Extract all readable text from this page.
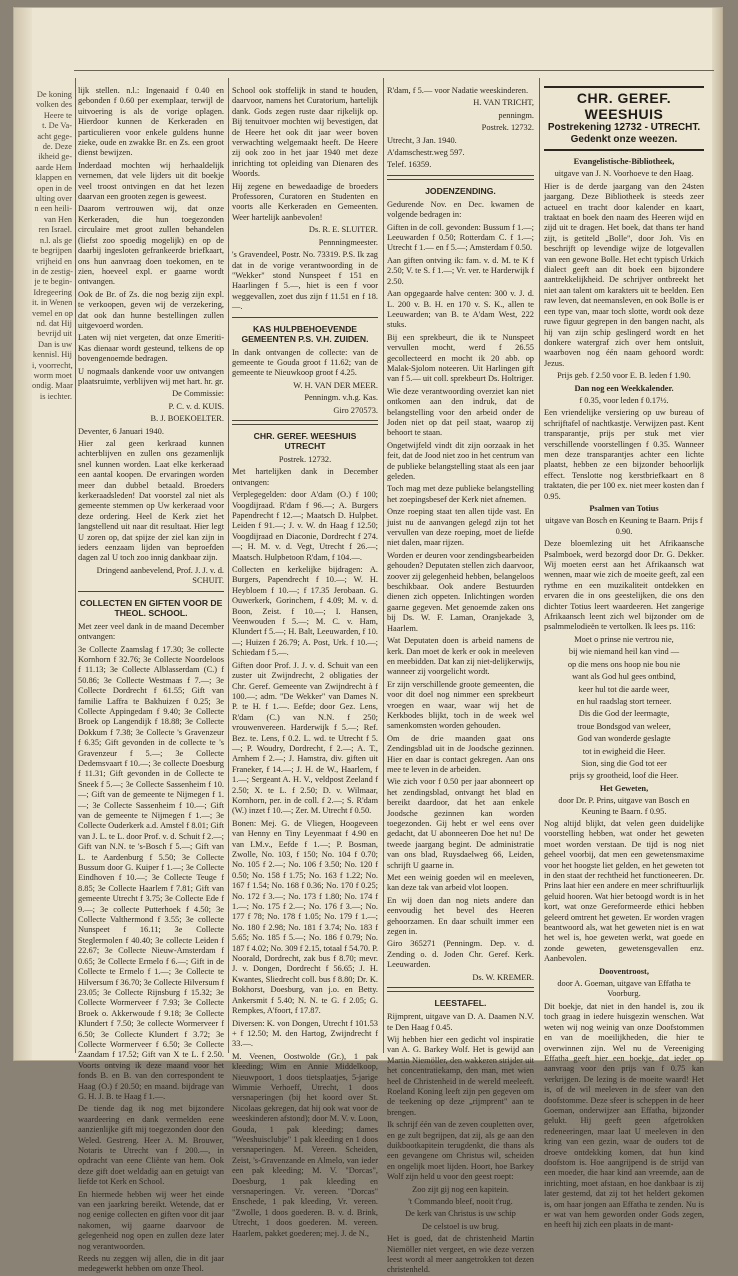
De koning
volken des
Heere te
t. De Va-
acht gege-
de. Deze
ikheid ge-
aarde Hem
klappen en
open in de
ulting over
n een heili-
van Hen
ren Israel.
n.l. als ge
te begrijpen
vrijheid en
in de zestig-
je te begin-
Idregeering
it. in Wenen
vemel en op
nd. dat Hij
bevrijd uit
Dan is uw
kennisl. Hij
i, voorrecht,
worm moet
ondig. Maar
is iechter.

lijk stellen. n.l.: Ingenaaid f 0.40 en gebonden f 0.60 per exemplaar, terwijl de uitvoering is als de vorige oplagen. Hierdoor kunnen de Kerkeraden en particulieren voor enkele guldens hunne zieke, oude en zwakke Br. en Zs. een groot dienst bewijzen.

Inderdaad mochten wij herhaaldelijk vernemen, dat vele lijders uit dit boekje veel troost ontvingen en dat het lezen daarvan een grooten zegen is geweest.

Daarom vertrouwen wij, dat onze Kerkeraden, die hun toegezonden circulaire met groot zullen behandelen (liefst zoo spoedig mogelijk) en op de daarbij ingesloten gefrankeerde briefkaart, ons hun aanvraag doen toekomen, en te zien, hoeveel expl. er gaarne wordt ontvangen.

Ook de Br. of Zs. die nog bezig zijn expl. te verkoopen, geven wij de verzekering, dat ook dan hunne bestellingen zullen uitgevoerd worden.

Laten wij niet vergeten, dat onze Emeriti-Kas dienaar wordt gesteund, telkens de op bovengenoemde bedragen.

U nogmaals dankende voor uw ontvangen plaatsruimte, verblijven wij met hart. hr. gr.

De Commissie:

P. C. v. d. KUIS.

B. J. BOEKOELTER.

Deventer, 6 Januari 1940.

Hier zal geen kerkraad kunnen achterblijven en zullen ons gezamenlijk snel kunnen worden. Laat elke kerkeraad een aantal koopen. De ervaringen worden meer dan dubbel betaald. Broeders kerkeraadsleden! Dat voorstel zal niet als gemeente stemmen op Uw kerkeraad voor deze ordering. Heel de Kerk ziet het langstellend uit naar dit resultaat. Hier legt U zoren op, dat spijze der ziel kan zijn in ieders eenzaam lijden van beproefden dagen zal U toch zoo innig dankbaar zijn.

Dringend aanbevelend, Prof. J. J. v. d. SCHUIT.

COLLECTEN EN GIFTEN VOOR DE THEOL. SCHOOL.

Met zeer veel dank in de maand December ontvangen:

3e Collecte Zaamslag f 17.30; 3e collecte Kornhorn f 32.76; 3e Collecte Noordeloos f 11.13; 3e Collecte Alblasserdam (C.) f 50.86; 3e Collecte Westmaas f 7.—; 3e Collecte Dordrecht f 61.55; Gift van familie Laffra te Bakhuizen f 0.25; 3e Collecte Appingedam f 9.40; 3e Collecte Broek op Langendijk f 18.88; 3e Collecte Dokkum f 7.38; 3e Collecte 's Gravenzeur f 6.35; Gift gevonden in de collecte te 's Gravenzeur f 5.—; 3e Collecte Dedemsvaart f 10.—; 3e collecte Doesburg f 11.31; Gift gevonden in de Collecte te Sneek f 5.—; 3e Collecte Sassenheim f 10.—; Gift van de gemeente te Nijmegen f 1.—; 3e Collecte Sassenheim f 10.—; Gift van de gemeente te Nijmegen f 1.—; 3e Collecte Ouderkerk a.d. Amstel f 8.01; Gift van J. L. te L. door Prof. v. d. Schuit f 2.—; Gift van N.N. te 's-Bosch f 5.—; Gift van L. te Aardenburg f 5.50; 3e Collecte Bussum door G. Kuiper f 1.—; 3e Collecte Eindhoven f 10.—; 3e Collecte Teuge f 8.85; 3e Collecte Haarlem f 7.81; Gift van gemeente Utrecht f 3.75; 3e Collecte Ede f 9.—; 3e collecte Putterhoek f 4.50; 3e Collecte Valthermond f 3.55; 3e collecte Nunspeet f 16.11; 3e Collecte Steglermolen f 40.40; 3e collecte Leiden f 22.67; 3e Collecte Nieuw-Amsterdam f 0.65; 3e Collecte Ermelo f 6.—; Gift in de Collecte te Ermelo f 1.—; 3e Collecte te Hilversum f 36.70; 3e Collecte Hilversum f 23.05; 3e Collecte Rijnsburg f 15.32; 3e Collecte Wormerveer f 7.93; 3e Collecte Broek o. Akkerwoude f 9.18; 3e Collecte Klundert f 7.50; 3e collecte Wormerveer f 6.50; 3e Collecte Klundert f 3.72; 3e Collecte Wormerveer f 6.50; 3e Collecte Zaandam f 17.52; Gift van X te L. f 2.50. Voorts ontving ik deze maand voor het fonds B. en B. van den correspondent te Haag (O.) f 20.50; en maand. bijdrage van G. H. J. B. te Haag f 1.—.

De tiende dag ik nog met bijzondere waardeering en dank vermelden eene aanzienlijke gift mij toegezonden door den Weled. Gestreng. Heer A. M. Brouwer, Notaris te Utrecht van f 200.—, in opdracht van eene Cliënte van hem. Ook deze gift doet weldadig aan en getuigt van liefde tot Kerk en School.

En hiermede hebben wij weer het einde van een jaarkring bereikt. Wetende, dat er nog eenige collecten en giften voor dit jaar nakomen, wij gaarne daarvoor de gelegenheid nog open en zullen deze later nog verantwoorden.

Reeds nu zeggen wij allen, die in dit jaar medegewerkt hebben om onze Theol.

School ook stoffelijk in stand te houden, daarvoor, namens het Curatorium, hartelijk dank. Gods zegen ruste daar rijkelijk op. Bij tenuitvoer mochten wij bevestigen, dat de Heere het ook dit jaar weer boven verwachting welgemaakt heeft. De Heere zij ook zoo in het jaar 1940 met deze inrichting tot opleiding van Dienaren des Woords.

Hij zegene en bewedaadige de broeders Professoren, Curatoren en Studenten en voorts alle Kerkeraden en Gemeenten. Weer hartelijk aanbevolen!

Ds. R. E. SLUITER.

Pennningmeester.

's Gravendeel, Postr. No. 73319. P.S. Ik zag dat in de vorige verantwoording in de "Wekker" stond Nunspeet f 151 en Haarlingen f 5.—, hiet is een f voor weggevallen, zoet dus zijn f 11.51 en f 18.—.

KAS HULPBEHOEVENDE GEMEENTEN P.S. V.H. ZUIDEN.

In dank ontvangen de collecte: van de gemeente te Gouda groot f 11.62; van de gemeente te Nieuwkoop groot f 4.25.

W. H. VAN DER MEER.

Penningm. v.h.g. Kas.

Giro 270573.

CHR. GEREF. WEESHUIS UTRECHT

Postrek. 12732.

Met hartelijken dank in December ontvangen:

Verplegegelden: door A'dam (O.) f 100; Voogdijraad. R'dam f 96.—; A. Burgers Papendrecht f 12.—; Maatsch D. Hulpbet. Leiden f 91.—; J. v. W. dn Haag f 12.50; Voogdijraad en Diaconie, Dordrecht f 274.—; H. M. v. d. Vegt, Utrecht f 26.—; Maatsch. Hulpbetoon R'dam, f 104.—.

Collecten en kerkelijke bijdragen: A. Burgers, Papendrecht f 10.—; W. H. Heybloem f 10.—; f 17.35 Jerobaan. G. Ouwerkerk, Gorinchem, f 4.09; M. v. d. Boon, Zeist. f 10.—; I. Hansen, Veenwouden f 5.—; M. C. v. Ham, Klundert f 5.—; H. Balt, Leeuwarden, f 10.—; Huizen f 26.79; A. Post, Urk. f 10.—; Schiedam f 5.—.

Giften door Prof. J. J. v. d. Schuit van een zuster uit Zwijndrecht, 2 obligaties der Chr. Geref. Gemeente van Zwijndrecht à f 100.—; adm. "De Wekker" van Dames N. P. te H. f 1.—. Eefde; door Gez. Lens, R'dam (C.) van N.N. f 250; vrouwenvereen. Harderwijk f 5.—; Ref. Bez. te. Lens, f 0.2. L. wd. te Utrecht f 5.—; P. Woudry, Dordrecht, f 2.—; A. T., Arnhem f 2.—; J. Hamstra, div. giften uit Franeker, f 14.—; J. H. de W., Haarlem, f 1.—; Sergeant A. H. V., veldpost Zeeland f 2.50; X. te L. f 2.50; D. v. Wilmaar, Kornhorn, per. in de coll. f 2.—; S. R'dam (W.) inzet f 10.—; Zer. M. Utrecht f 0.50.

Bonen: Mej. G. de Vliegen, Hoogeveen van Henny en Tiny Leyenmaat f 4.90 en van I.M.v., Eefde f 1.—; P. Bosman, Zwolle, No. 103, f 150; No. 104 f 0.70; No. 105 f 2.—; No. 106 f 3.50; No. 120 f 0.50; No. 158 f 1.75; No. 163 f 1.22; No. 167 f 1.54; No. 168 f 0.36; No. 170 f 0.25; No. 172 f 3.—; No. 173 f 1.80; No. 174 f 1.—; No. 175 f 2.—; No. 176 f 3.—; No. 177 f 78; No. 178 f 1.05; No. 179 f 1.—; No. 180 f 2.98; No. 181 f 3.74; No. 183 f 5.65; No. 185 f 5.—; No. 186 f 0.79; No. 187 f 4.02; No. 309 f 2.15, totaal f 54.70. P. Noorald, Dordrecht, zak bus f 8.70; mevr. J. v. Dongen, Dordrecht f 56.65; J. H. Kwantes, Sliedrecht coll. bus f 8.80; Dr. K. Bokhorst, Doesburg, van j.o. en Betty. Ankersmit f 5.40; N. N. te G. f 2.05; G. Rempkes, A'foort, f 17.87.

Diversen: K. von Dongen, Utrecht f 101.53 + f 12.50; M. den Hartog, Zwijndrecht f 33.—.

M. Veenen, Oostwolde (Gr.), 1 pak kleeding; Wim en Annie Middelkoop, Nieuwpoort, 1 doos tietsplaatjes, 5-jarige Wimmie Verhoeff, Utrecht, 1 doos versnaperingen (bij het koord over St. Nicolaas gekregen, dat hij ook wat voor de weeskinderen afstond); door M. V. v. Loon, Gouda, 1 pak kleeding; dames "Weeshuisclubje" 1 pak kleeding en 1 doos versnaperingen. M. Vereen. Scheiden, Zeist, 's-Gravenzande en Almelo, van ieder een pak kleeding; M. V. "Dorcas", Doesburg, 1 pak kleeding en versnaperingen. Vr. vereen. "Dorcas" Enschede, 1 pak kleeding, Vr. vereen. "Zwolle, 1 doos goederen. B. v. d. Brink, Utrecht, 1 doos goederen. M. vereen. Haarlem, pakket goederen; mej. J. de N.,

R'dam, f 5.— voor Nadatie weeskinderen.

H. VAN TRICHT,

penningm.

Postrek. 12732.

Utrecht, 3 Jan. 1940.

A'damschestr.weg 597.

Telef. 16359.

JODENZENDING.

Gedurende Nov. en Dec. kwamen de volgende bedragen in:

Giften in de coll. gevonden: Bussum f 1.—; Leeuwarden f 0.50; Rotterdam C. f 1.—; Utrecht f 1.— en f 5.—; Amsterdam f 0.50.

Aan giften ontving ik: fam. v. d. M. te K f 2.50; V. te S. f 1.—; Vr. ver. te Harderwijk f 2.50.

Aan opgegaarde halve centen: 300 v. J. d. L. 200 v. B. H. en 170 v. S. K., allen te Leeuwarden; van B. te A'dam West, 222 stuks.

Bij een sprekbeurt, die ik te Nunspeet vervullen mocht, werd f 26.55 gecollecteerd en mocht ik 20 abb. op Malak-Sjolom noteeren. Uit Harlingen gift van f 5.— uit coll. sprekbeurt Ds. Holtriger.

Wie deze verantwoording overziet kan niet ontkomen aan den indruk, dat de belangstelling voor den arbeid onder de Joden niet op dat peil staat, waarop zij behoort te staan.

Ongetwijfeld vindt dit zijn oorzaak in het feit, dat de Jood niet zoo in het centrum van de publieke belangstelling staat als een jaar geleden.

Toch mag met deze publieke belangstelling het zoepingsbesef der Kerk niet afnemen.

Onze roeping staat ten allen tijde vast. En juist nu de aanvangen gelegd zijn tot het vervullen van deze roeping, moet de liefde niet dalen, maar rijzen.

Worden er deuren voor zendingsbearbeiden gehouden? Deputaten stellen zich daarvoor, zoover zij gelegenheid hebben, belangeloos beschikbaar. Ook andere Bestuurden dienen zich oppeten. Inlichtingen worden gaarne gegeven. Met genoemde zaken ons bij Ds. W. F. Laman, Oranjekade 3, Haarlem.

Wat Deputaten doen is arbeid namens de kerk. Dan moet de kerk er ook in meeleven en meebidden. Dat kan zij niet-delijkerwijs, wanneer zij voorgelicht wordt.

Er zijn verschillende groote gemeenten, die voor dit doel nog nimmer een sprekbeurt vroegen en waar, waar wij het de Kerkbodes blijkt, toch in de week wel samenkomsten worden gehouden.

Om de drie maanden gaat ons Zendingsblad uit in de Joodsche gezinnen. Hier en daar is contact gekregen. Aan ons mee te leven in de arbeiden.

Wie zich voor f 0.50 per jaar abonneert op het zendingsblad, ontvangt het blad en bereikt daardoor, dat het aan enkele Joodsche gezinnen kan worden toegezonden. Gij hebt er wel eens over gedacht, dat U abonneeren Doe het nu! De tweede jaargang begint. De administratie van ons blad, Ruysdaelweg 66, Leiden, schrijft U gaarne in.

Met een weinig goeden wil en meeleven, kan deze tak van arbeid vlot loopen.

En wij doen dan nog niets andere dan eenvoudig het bevel des Heeren gehoorzamen. En daar schuilt immer een zegen in.

Giro 365271 (Penningm. Dep. v. d. Zending o. d. Joden Chr. Geref. Kerk. Leeuwarden.

Ds. W. KREMER.

LEESTAFEL.

Rijmprent, uitgave van D. A. Daamen N.V. te Den Haag f 0.45.

Wij hebben hier een gedicht vol inspiratie van A. G. Barkey Wolf. Het is gewijd aan Martin Niemöller, den wakkeren strijder uit het concentratiekamp, den man, met wien heel de Christenheid in de wereld meeleeft. Roeland Koning leeft zijn pen gegeven om de teekening op deze „rijmprent" aan te brengen.

Ik schrijf één van de zeven coupletten over, en ge zult begrijpen, dat zij, als ge aan den duikbootkapitein terugdenkt, die thans als een gevangene om Christus wil, scheiden en ongelijk moet lijden. Hoort, hoe Barkey Wolf zijn held u voor den geest roept:

Zoo zijt gij nog een kapitein.

't Commando bleef, nooit t'rug.

De kerk van Christus is uw schip

De celstoel is uw brug.

Het is goed, dat de christenheid Martin Niemöller niet vergeet, en wie deze verzen leest wordt al meer aangetrokken tot dezen christenheld.

CHR. GEREF. WEESHUIS
Postrekening 12732 - UTRECHT.
Gedenkt onze weezen.

Evangelistische-Bibliotheek,

uitgave van J. N. Voorhoeve te den Haag.

Hier is de derde jaargang van den 24sten jaargang. Deze Bibliotheek is steeds zeer actueel en tracht door kalender en kaart, traktaat en boek den naam des Heeren wijd en zijd uit te dragen. Het boek, dat thans ter hand zijt, is getiteld „Bolle", door Joh. Vis en beschrijft op levendige wijze de lotgevallen van een gewone Bolle. Het echt typisch Urkich dialect geeft aan dit boek een bijzondere aantrekkelijkheid. De schrijver ontbreekt het niet aan talent om karakters uit te beelden. Een raw leven, dat neemansleven, en ook Bolle is er een type van, maar toch slotte, wordt ook deze ruwe figuur gegrepen in den bangen nacht, als hij van zijn schip geslingerd wordt en het donkere watergraf zich over hem ontsluit, waarboven nog één naam gehoord wordt: Jezus.

Prijs geb. f 2.50 voor E. B. leden f 1.90.

Dan nog een Weekkalender.

f 0.35, voor leden f 0.17½.

Een vriendelijke versiering op uw bureau of schrijftafel of nachtkastje. Verwijzen past. Kent transparantje, prijs per stuk met vier verschillende voorstellingen f 0.35. Wanneer men deze transparantjes achter een lichte plaatst, hebben ze een bijzonder behoorlijk effect. Tenslotte nog kerstbriefkaart en 8 traktaten, die per 100 ex. niet meer kosten dan f 0.95.

Psalmen van Totius

uitgave van Bosch en Keuning te Baarn. Prijs f 0.90.

Deze bloemlezing uit het Afrikaansche Psalmboek, werd bezorgd door Dr. G. Dekker. Wij moeten eerst aan het Afrikaansch wat wennen, maar wie zich de moeite geeft, zal een rythme en een muzikaliteit ontdekken en ervaren die in ons geestelijken, die ons den dichter Totius leert waardeeren. Het zangerige Afrikaansch leent zich wel bijzonder om de psalmmelodieën te vertolken. Ik lees ps. 116:

Moet o prinse nie vertrou nie,

bij wie niemand heil kan vind —

op die mens ons hoop nie bou nie

want als God hul gees ontbind,

keer hul tot die aarde weer,

en hul raadslag stort terneer.

Dis die God der leermagte,

troue Bondsgod van weleer,

God van wonderde geslagte

tot in ewigheid die Heer.

Sion, sing die God tot eer

prijs sy grootheid, loof die Heer.

Het Geweten,

door Dr. P. Prins, uitgave van Bosch en Keuning te Baarn. f 0.95.

Nog altijd blijkt, dat velen geen duidelijke voorstelling hebben, wat onder het geweten moet worden verstaan. De tijd is nog niet geheel voorbij, dat men een gewetensmaxime voor het hoogste liet gelden, en het geweten tot in den staat der rechtheid het functioneeren. Dr. Prins laat hier een andere en meer schriftuurlijk geluid hooren. Wat hier betoogd wordt is in het kort, wat onze Gereformeerde ethici hebben geleerd omtrent het geweten. Er worden vragen beantwoord als, wat het geweten niet is en wat het wel is, hoe geweten werkt, wat goede en zonde geweten, gewetensgevallen enz. Aanbevolen.

Dooventroost,

door A. Goeman, uitgave van Effatha te Voorburg.

Dit boekje, dat niet in den handel is, zou ik toch graag in iedere huisgezin wenschen. Wat weten wij nog weinig van onze Doofstommen en van de moeilijkheden, die hier te overwinnen zijn. Wel nu de Vereeniging Effatha geeft hier een boekje, dat ieder op aanvraag voor den prijs van f 0.75 kan verkrijgen. De lezing is de moeite waard! Het is, of de wil meeleven in de sfeer van den doofstomme. Deze sfeer is scheppen in de heer Goeman, onderwijzer aan Effatha, bijzonder gelukt. Hij geeft geen afgetrokken redeneeringen, maar laat U meeleven in den kring van een gezin, waar de ouders tot de droeve ontdekking komen, dat hun kind doofstom is. Hoe aangrijpend is de strijd van een moeder, die haar kind aan vreemde, aan de inrichting, moet afstaan, en hoe dankbaar is zij later gestemd, dat zij tot het heldert gekomen is, om haar jongen aan Effatha te zenden. Nu is er wat van hem geworden onder Gods zegen, en heeft hij zich een plaats in de mant-
